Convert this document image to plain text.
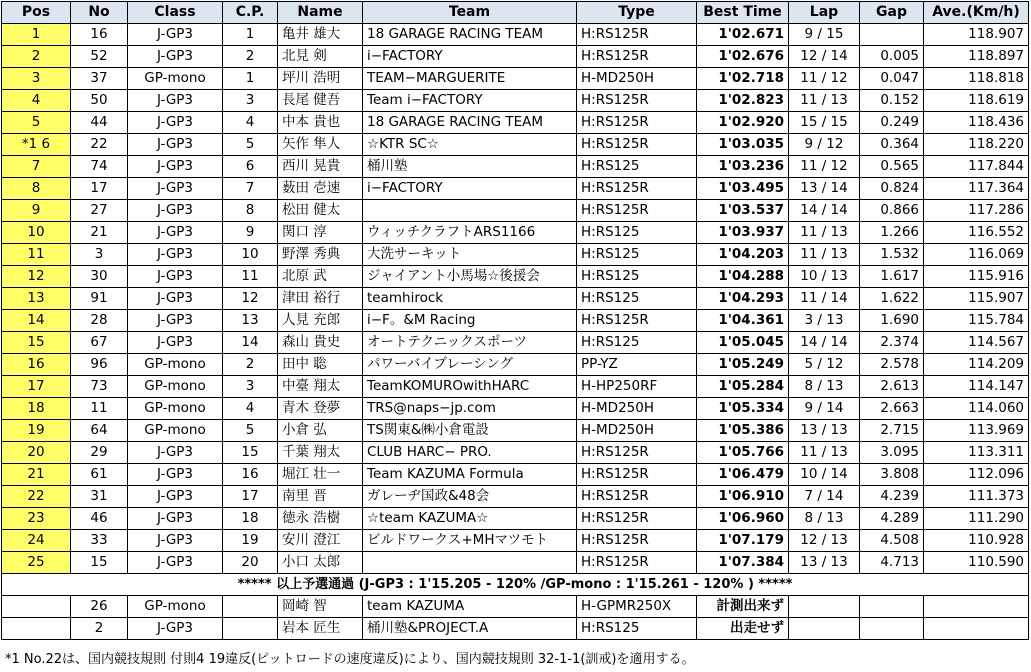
Pos	No	Class	C.P.	Name	Team	Type	Best Time	Lap	Gap	Ave.(Km/h)
1	16	J-GP3	1	亀井 雄大	18 GARAGE RACING TEAM	H:RS125R	1'02.671	9 / 15		118.907
2	52	J-GP3	2	北見 剣	i−FACTORY	H:RS125R	1'02.676	12 / 14	0.005	118.897
3	37	GP-mono	1	坪川 浩明	TEAM−MARGUERITE	H-MD250H	1'02.718	11 / 12	0.047	118.818
4	50	J-GP3	3	長尾 健吾	Team i−FACTORY	H:RS125R	1'02.823	11 / 13	0.152	118.619
5	44	J-GP3	4	中本 貴也	18 GARAGE RACING TEAM	H:RS125R	1'02.920	15 / 15	0.249	118.436
*1 6	22	J-GP3	5	矢作 隼人	☆KTR SC☆	H:RS125R	1'03.035	9 / 12	0.364	118.220
7	74	J-GP3	6	西川 晃貴	桶川塾	H:RS125	1'03.236	11 / 12	0.565	117.844
8	17	J-GP3	7	薮田 壱速	i−FACTORY	H:RS125R	1'03.495	13 / 14	0.824	117.364
9	27	J-GP3	8	松田 健太		H:RS125R	1'03.537	14 / 14	0.866	117.286
10	21	J-GP3	9	関口 淳	ウィッチクラフトARS1166	H:RS125	1'03.937	11 / 13	1.266	116.552
11	3	J-GP3	10	野澤 秀典	大洗サーキット	H:RS125	1'04.203	11 / 13	1.532	116.069
12	30	J-GP3	11	北原 武	ジャイアント小馬場☆後援会	H:RS125	1'04.288	10 / 13	1.617	115.916
13	91	J-GP3	12	津田 裕行	teamhirock	H:RS125	1'04.293	11 / 14	1.622	115.907
14	28	J-GP3	13	人見 充郎	i−F。&M Racing	H:RS125R	1'04.361	3 / 13	1.690	115.784
15	67	J-GP3	14	森山 貴史	オートテクニックスポーツ	H:RS125	1'05.045	14 / 14	2.374	114.567
16	96	GP-mono	2	田中 聡	パワーバイプレーシング	PP-YZ	1'05.249	5 / 12	2.578	114.209
17	73	GP-mono	3	中臺 翔太	TeamKOMUROwithHARC	H-HP250RF	1'05.284	8 / 13	2.613	114.147
18	11	GP-mono	4	青木 登夢	TRS@naps−jp.com	H-MD250H	1'05.334	9 / 14	2.663	114.060
19	64	GP-mono	5	小倉 弘	TS関東&㈱小倉電設	H-MD250H	1'05.386	13 / 13	2.715	113.969
20	29	J-GP3	15	千葉 翔太	CLUB HARC− PRO.	H:RS125R	1'05.766	11 / 13	3.095	113.311
21	61	J-GP3	16	堀江 壮一	Team KAZUMA Formula	H:RS125R	1'06.479	10 / 14	3.808	112.096
22	31	J-GP3	17	南里 晋	ガレーヂ国政&48会	H:RS125R	1'06.910	7 / 14	4.239	111.373
23	46	J-GP3	18	徳永 浩樹	☆team KAZUMA☆	H:RS125R	1'06.960	8 / 13	4.289	111.290
24	33	J-GP3	19	安川 澄江	ビルドワークス+MHマツモト	H:RS125R	1'07.179	12 / 13	4.508	110.928
25	15	J-GP3	20	小口 太郎		H:RS125R	1'07.384	13 / 13	4.713	110.590
***** 以上予選通過 (J-GP3 : 1'15.205 - 120% /GP-mono : 1'15.261 - 120% ) *****										
	26	GP-mono		岡崎 智	team KAZUMA	H-GPMR250X	計測出来ず			
	2	J-GP3		岩本 匠生	桶川塾&PROJECT.A	H:RS125	出走せず			
*1 No.22は、国内競技規則 付則4 19違反(ピットロードの速度違反)により、国内競技規則 32-1-1(訓戒)を適用する。
